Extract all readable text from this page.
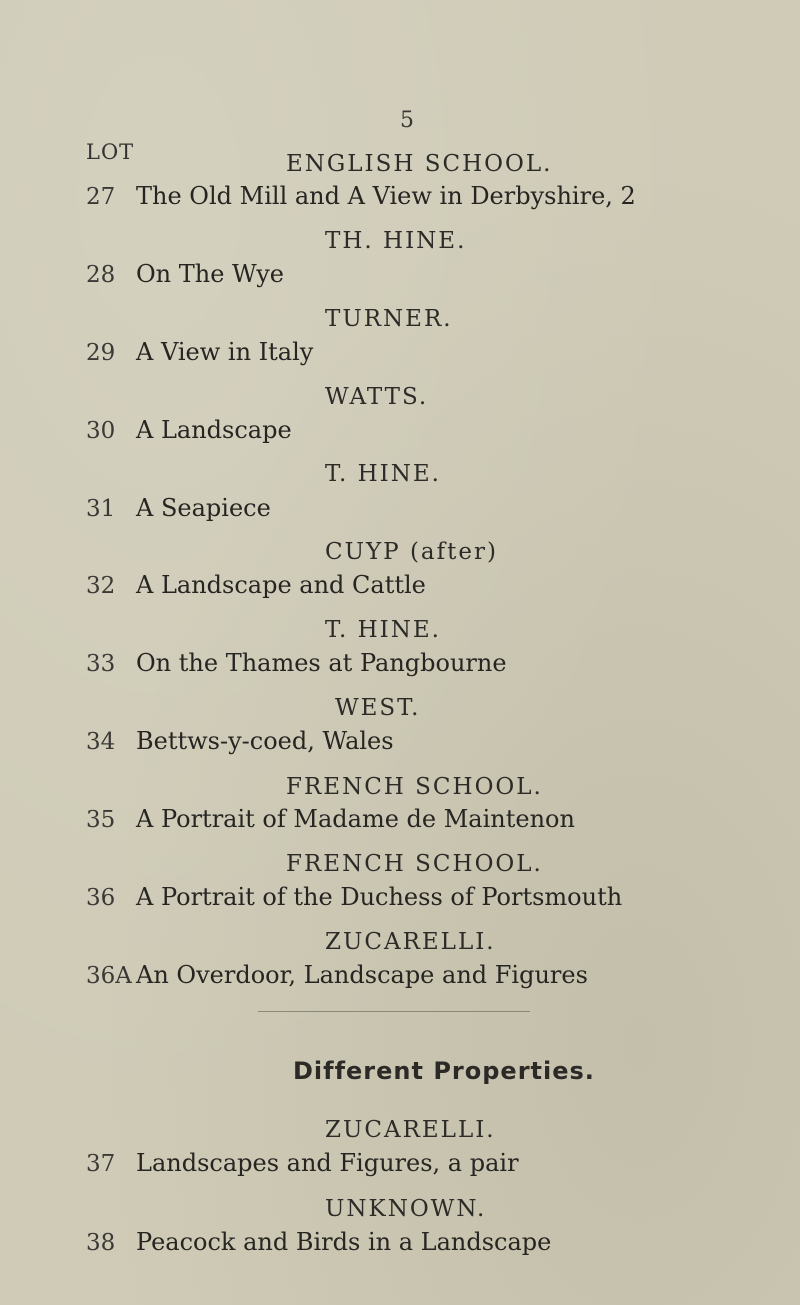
5
LOT	ENGLISH SCHOOL.
27 The Old Mill and A View in Derbyshire, 2
TH. HINE.
28 On The Wye
TURNER.
29 A View in Italy
WATTS.
30 A Landscape
T. HINE.
31 A Seapiece
CUYP (after)
32 A Landscape and Cattle
T. HINE.
33 On the Thames at Pangbourne
WEST.
34 Bettws-y-coed, Wales
FRENCH SCHOOL.
35 A Portrait of Madame de Maintenon
FRENCH SCHOOL.
36 A Portrait of the Duchess of Portsmouth
ZUCARELLI.
36A An Overdoor, Landscape and Figures
Different Properties.
ZUCARELLI.
37 Landscapes and Figures, a pair
UNKNOWN.
38 Peacock and Birds in a Landscape
